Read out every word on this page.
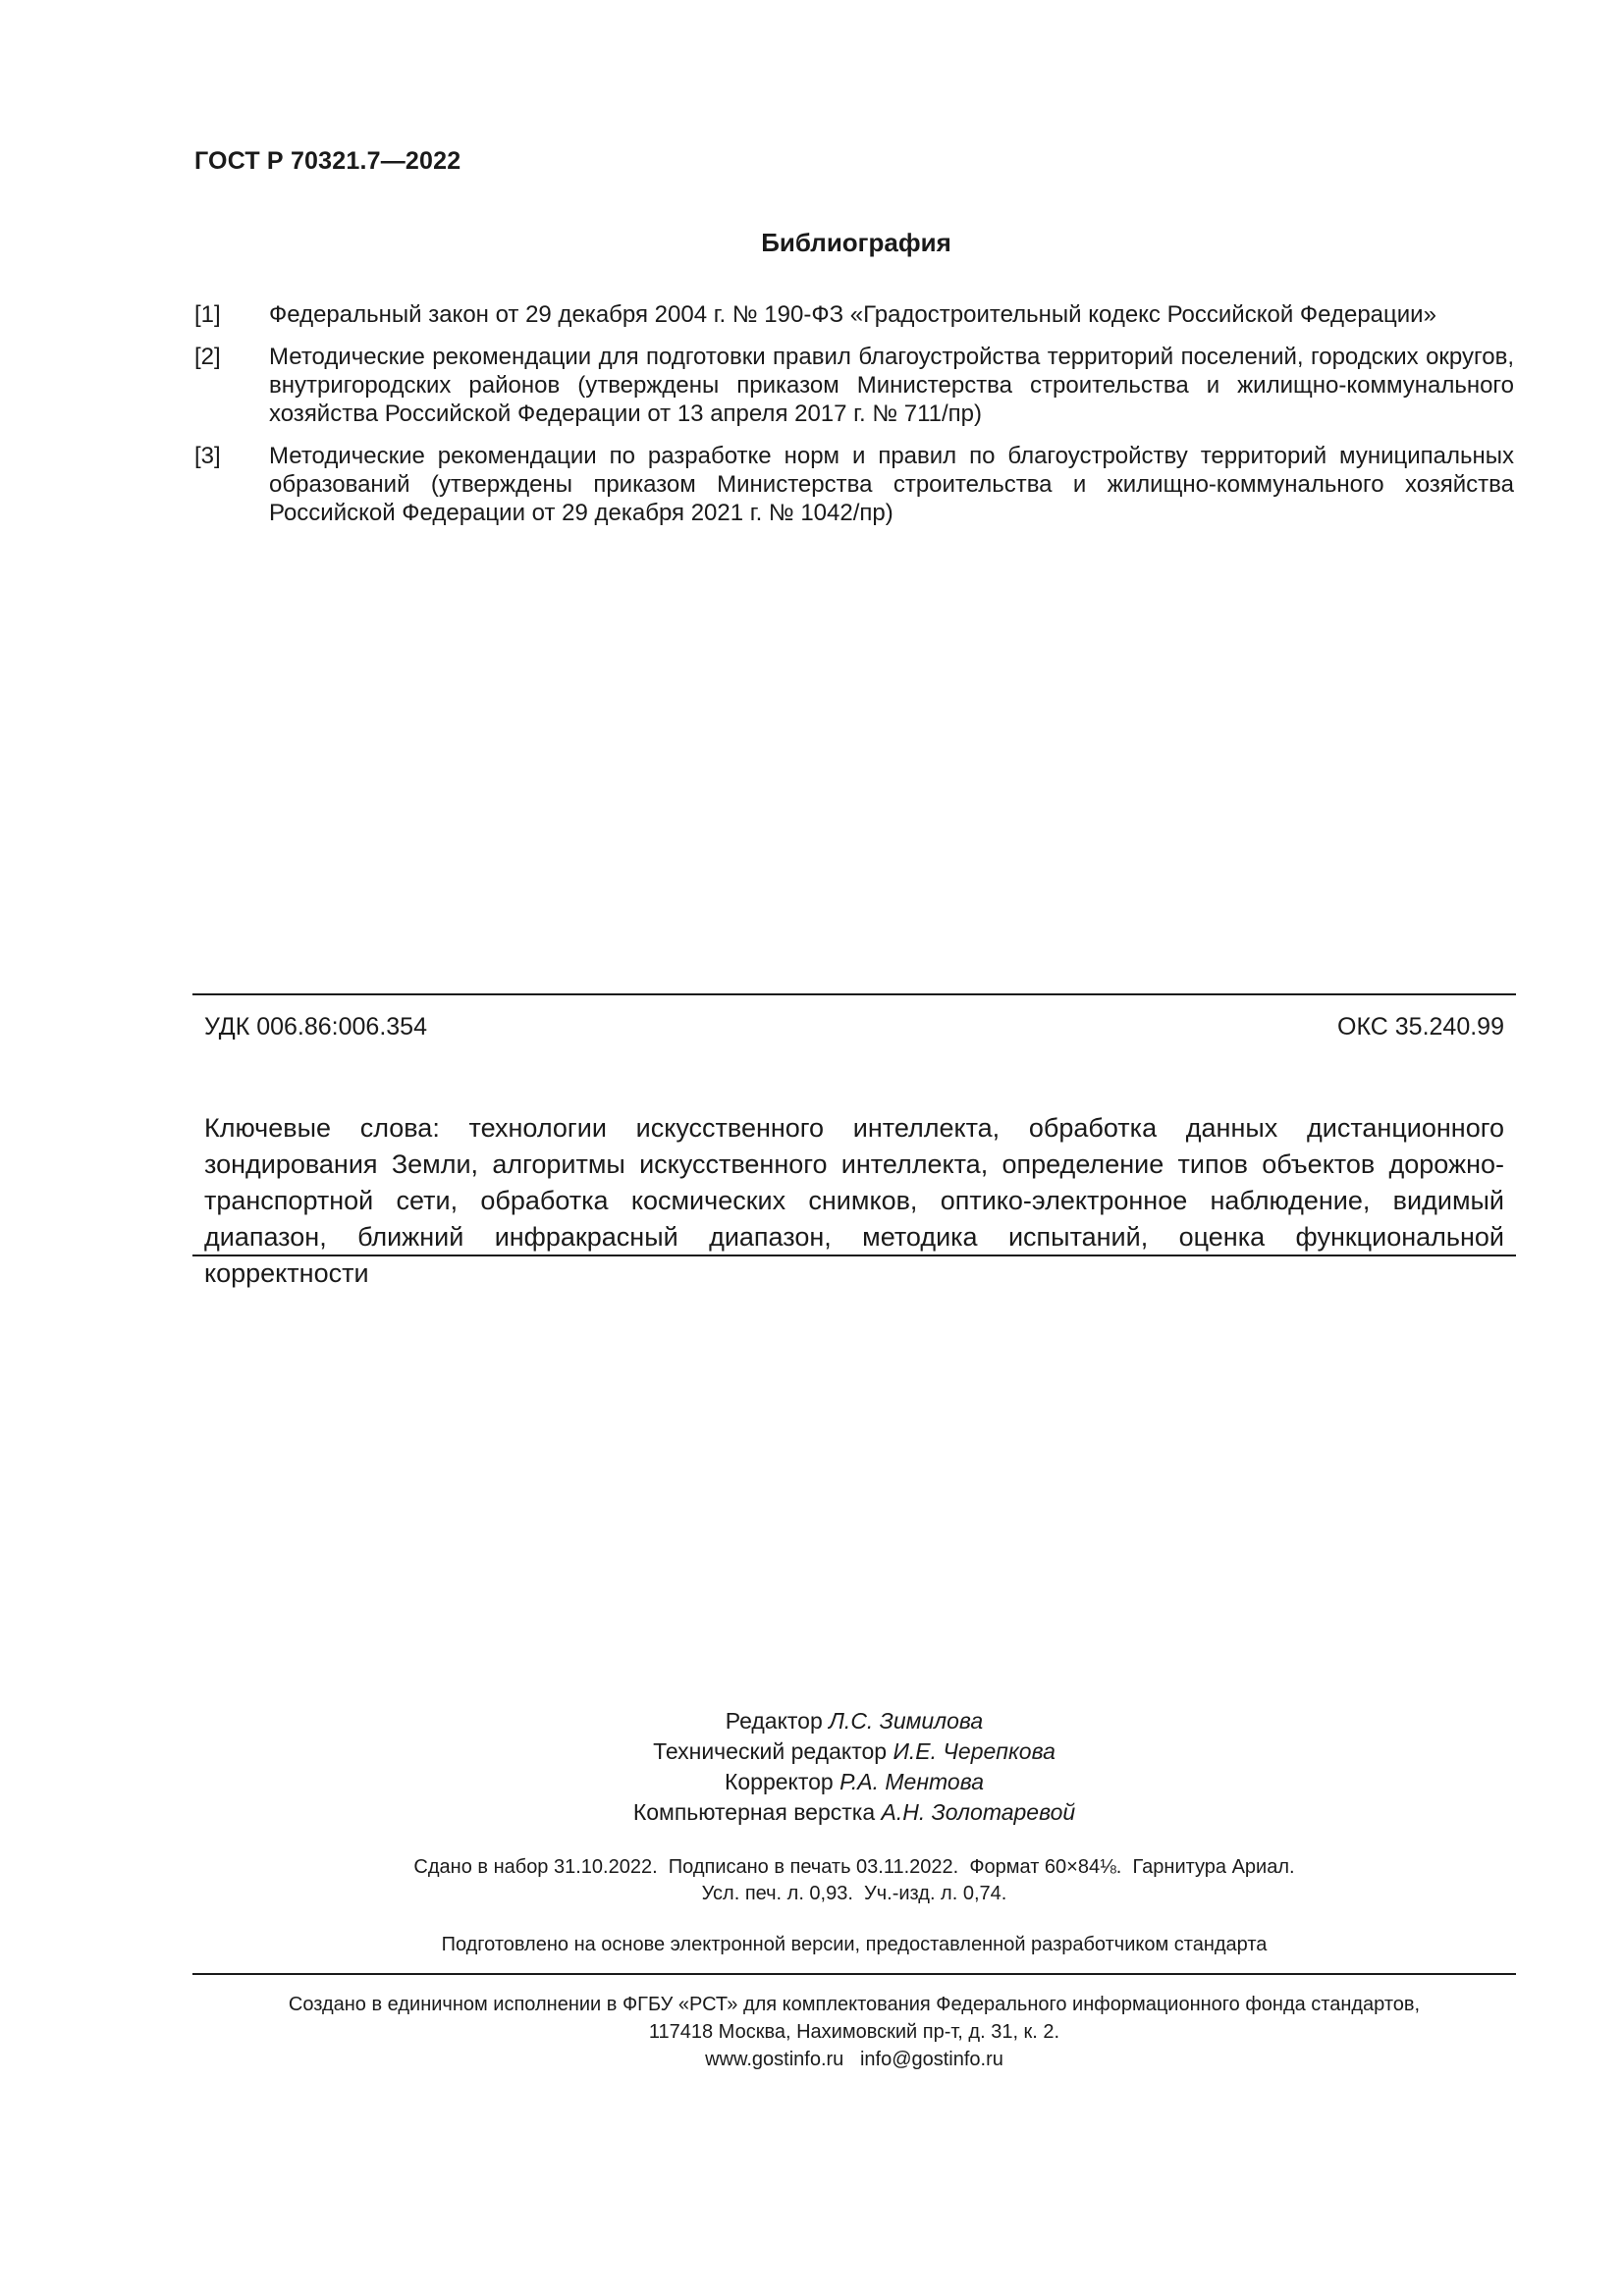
ГОСТ Р 70321.7—2022
Библиография
[1]	Федеральный закон от 29 декабря 2004 г. № 190-ФЗ «Градостроительный кодекс Российской Федерации»
[2]	Методические рекомендации для подготовки правил благоустройства территорий поселений, городских округов, внутригородских районов (утверждены приказом Министерства строительства и жилищно-коммунального хозяйства Российской Федерации от 13 апреля 2017 г. № 711/пр)
[3]	Методические рекомендации по разработке норм и правил по благоустройству территорий муниципальных образований (утверждены приказом Министерства строительства и жилищно-коммунального хозяйства Российской Федерации от 29 декабря 2021 г. № 1042/пр)
УДК 006.86:006.354	ОКС 35.240.99
Ключевые слова: технологии искусственного интеллекта, обработка данных дистанционного зондирования Земли, алгоритмы искусственного интеллекта, определение типов объектов дорожно-транспортной сети, обработка космических снимков, оптико-электронное наблюдение, видимый диапазон, ближний инфракрасный диапазон, методика испытаний, оценка функциональной корректности
Редактор Л.С. Зимилова
Технический редактор И.Е. Черепкова
Корректор Р.А. Ментова
Компьютерная верстка А.Н. Золотаревой
Сдано в набор 31.10.2022.  Подписано в печать 03.11.2022.  Формат 60×84⅛.  Гарнитура Ариал.
Усл. печ. л. 0,93.  Уч.-изд. л. 0,74.
Подготовлено на основе электронной версии, предоставленной разработчиком стандарта
Создано в единичном исполнении в ФГБУ «РСТ» для комплектования Федерального информационного фонда стандартов,
117418 Москва, Нахимовский пр-т, д. 31, к. 2.
www.gostinfo.ru   info@gostinfo.ru
